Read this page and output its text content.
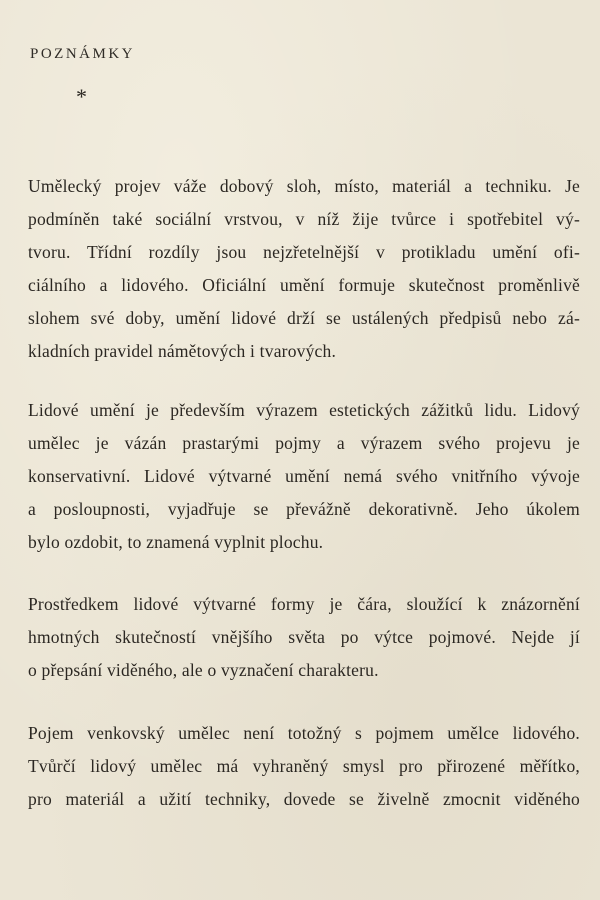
POZNÁMKY
*
Umělecký projev váže dobový sloh, místo, materiál a techniku. Je
podmíněn také sociální vrstvou, v níž žije tvůrce i spotřebitel vý-
tvoru. Třídní rozdíly jsou nejzřetelnější v protikladu umění ofi-
ciálního a lidového. Oficiální umění formuje skutečnost proměnlivě
slohem své doby, umění lidové drží se ustálených předpisů nebo zá-
kladních pravidel námětových i tvarových.
Lidové umění je především výrazem estetických zážitků lidu. Lidový
umělec je vázán prastarými pojmy a výrazem svého projevu je
konservativní. Lidové výtvarné umění nemá svého vnitřního vývoje
a posloupnosti, vyjadřuje se převážně dekorativně. Jeho úkolem
bylo ozdobit, to znamená vyplnit plochu.
Prostředkem lidové výtvarné formy je čára, sloužící k znázornění
hmotných skutečností vnějšího světa po výtce pojmové. Nejde jí
o přepsání viděného, ale o vyznačení charakteru.
Pojem venkovský umělec není totožný s pojmem umělce lidového.
Tvůrčí lidový umělec má vyhraněný smysl pro přirozené měřítko,
pro materiál a užití techniky, dovede se živelně zmocnit viděného
